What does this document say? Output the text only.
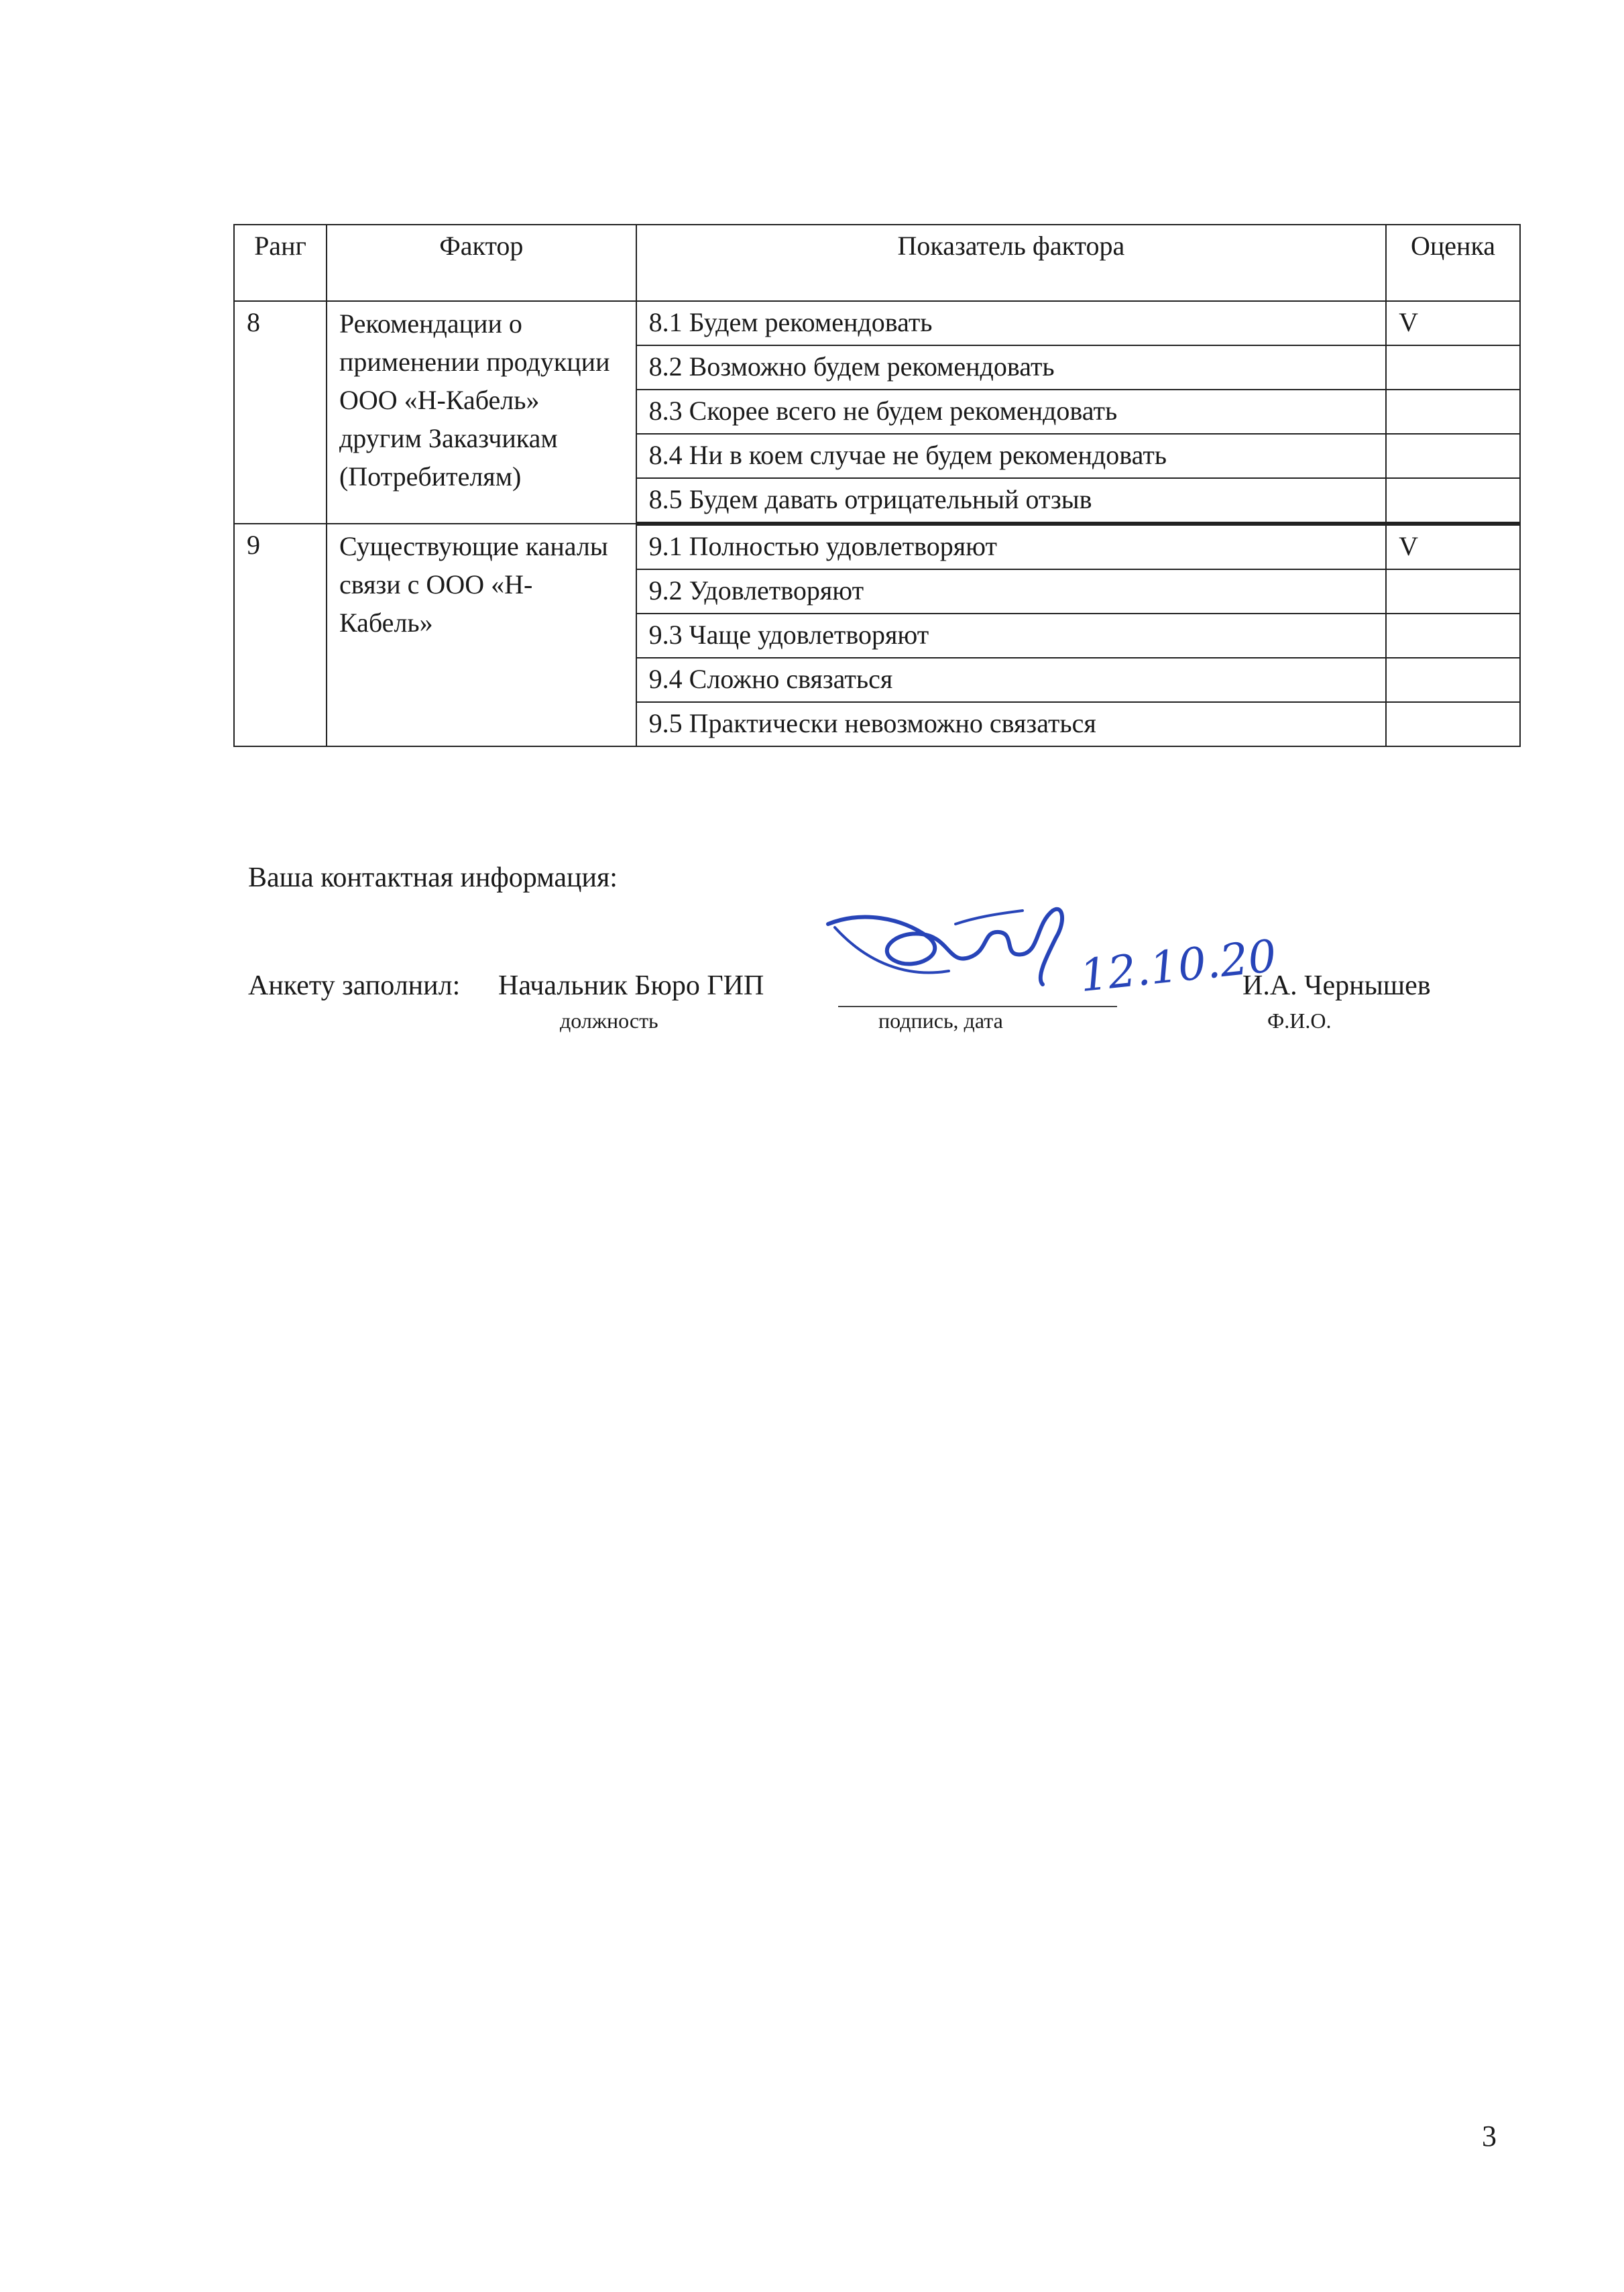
Ранг	Фактор	Показатель фактора	Оценка
8	Рекомендации о применении продукции ООО «Н-Кабель» другим Заказчикам (Потребителям)	8.1 Будем рекомендовать	V
		8.2 Возможно будем рекомендовать	
		8.3 Скорее всего не будем рекомендовать	
		8.4 Ни в коем случае не будем рекомендовать	
		8.5 Будем давать отрицательный отзыв	
9	Существующие каналы связи с ООО «Н-Кабель»	9.1 Полностью удовлетворяют	V
		9.2 Удовлетворяют	
		9.3 Чаще удовлетворяют	
		9.4 Сложно связаться	
		9.5 Практически невозможно связаться	
Ваша контактная информация:
Анкету заполнил: Начальник Бюро ГИП	12.10.20
И.А. Чернышев
должность	подпись, дата	Ф.И.О.
3
